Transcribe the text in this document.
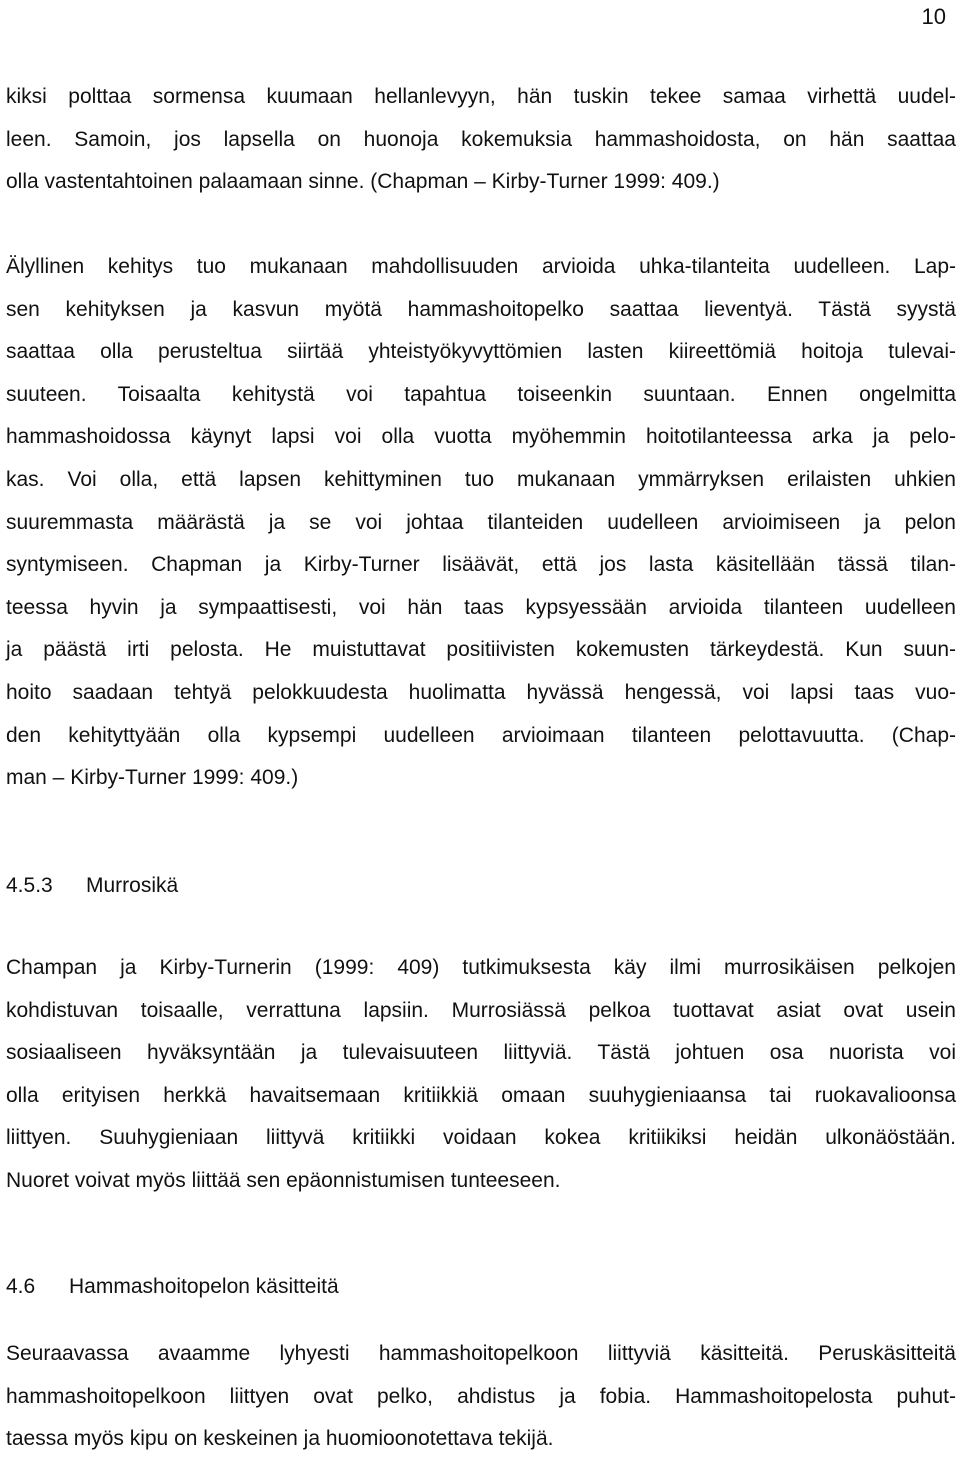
10
kiksi polttaa sormensa kuumaan hellanlevyyn, hän tuskin tekee samaa virhettä uudel-
leen. Samoin, jos lapsella on huonoja kokemuksia hammashoidosta, on hän saattaa
olla vastentahtoinen palaamaan sinne. (Chapman – Kirby-Turner 1999: 409.)
Älyllinen kehitys tuo mukanaan mahdollisuuden arvioida uhka-tilanteita uudelleen. Lap-
sen kehityksen ja kasvun myötä hammashoitopelko saattaa lieventyä. Tästä syystä
saattaa olla perusteltua siirtää yhteistyökyvyttömien lasten kiireettömiä hoitoja tulevai-
suuteen. Toisaalta kehitystä voi tapahtua toiseenkin suuntaan. Ennen ongelmitta
hammashoidossa käynyt lapsi voi olla vuotta myöhemmin hoitotilanteessa arka ja pelo-
kas. Voi olla, että lapsen kehittyminen tuo mukanaan ymmärryksen erilaisten uhkien
suuremmasta määrästä ja se voi johtaa tilanteiden uudelleen arvioimiseen ja pelon
syntymiseen. Chapman ja Kirby-Turner lisäävät, että jos lasta käsitellään tässä tilan-
teessa hyvin ja sympaattisesti, voi hän taas kypsyessään arvioida tilanteen uudelleen
ja päästä irti pelosta. He muistuttavat positiivisten kokemusten tärkeydestä. Kun suun-
hoito saadaan tehtyä pelokkuudesta huolimatta hyvässä hengessä, voi lapsi taas vuo-
den kehityttyään olla kypsempi uudelleen arvioimaan tilanteen pelottavuutta. (Chap-
man – Kirby-Turner 1999: 409.)
4.5.3 Murrosikä
Champan ja Kirby-Turnerin (1999: 409) tutkimuksesta käy ilmi murrosikäisen pelkojen
kohdistuvan toisaalle, verrattuna lapsiin. Murrosiässä pelkoa tuottavat asiat ovat usein
sosiaaliseen hyväksyntään ja tulevaisuuteen liittyviä. Tästä johtuen osa nuorista voi
olla erityisen herkkä havaitsemaan kritiikkiä omaan suuhygieniaansa tai ruokavalioonsa
liittyen. Suuhygieniaan liittyvä kritiikki voidaan kokea kritiikiksi heidän ulkonäöstään.
Nuoret voivat myös liittää sen epäonnistumisen tunteeseen.
4.6 Hammashoitopelon käsitteitä
Seuraavassa avaamme lyhyesti hammashoitopelkoon liittyviä käsitteitä. Peruskäsitteitä
hammashoitopelkoon liittyen ovat pelko, ahdistus ja fobia. Hammashoitopelosta puhut-
taessa myös kipu on keskeinen ja huomioonotettava tekijä.
